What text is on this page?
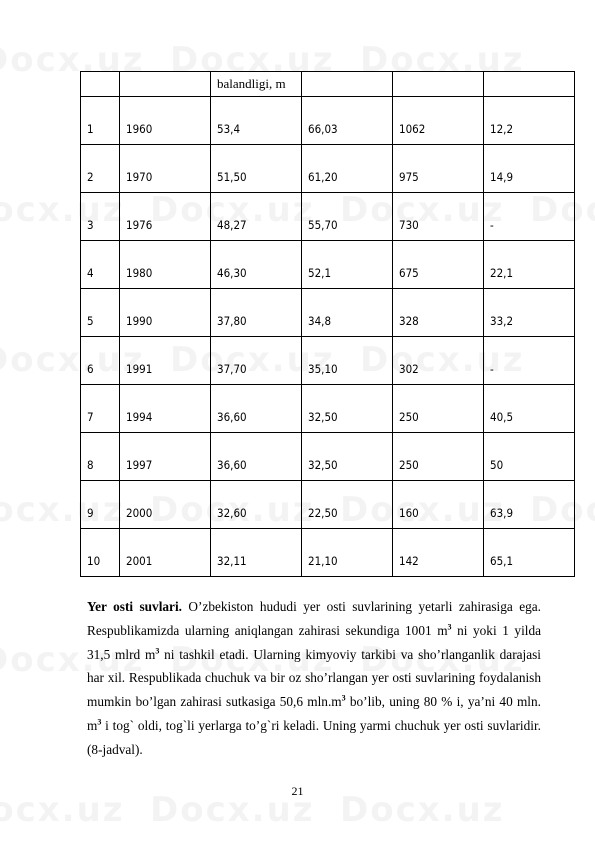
		balandligi, m			
1	1960	53,4	66,03	1062	12,2
2	1970	51,50	61,20	975	14,9
3	1976	48,27	55,70	730	-
4	1980	46,30	52,1	675	22,1
5	1990	37,80	34,8	328	33,2
6	1991	37,70	35,10	302	-
7	1994	36,60	32,50	250	40,5
8	1997	36,60	32,50	250	50
9	2000	32,60	22,50	160	63,9
10	2001	32,11	21,10	142	65,1
Yer osti suvlari. O’zbekiston hududi yer osti suvlarining yetarli zahirasiga ega. Respublikamizda ularning aniqlangan zahirasi sekundiga 1001 $m^3$ ni yoki 1 yilda 31,5 mlrd $m^3$ ni tashkil etadi. Ularning kimyoviy tarkibi va sho’rlanganlik darajasi har xil. Respublikada chuchuk va bir oz sho’rlangan yer osti suvlarining foydalanish mumkin bo’lgan zahirasi sutkasiga 50,6 $mln.m^3$ bo’lib, uning 80 % i, ya’ni 40 mln. $m^3$ i tog` oldi, tog`li yerlarga to’g`ri keladi. Uning yarmi chuchuk yer osti suvlaridir. (8-jadval).
21
